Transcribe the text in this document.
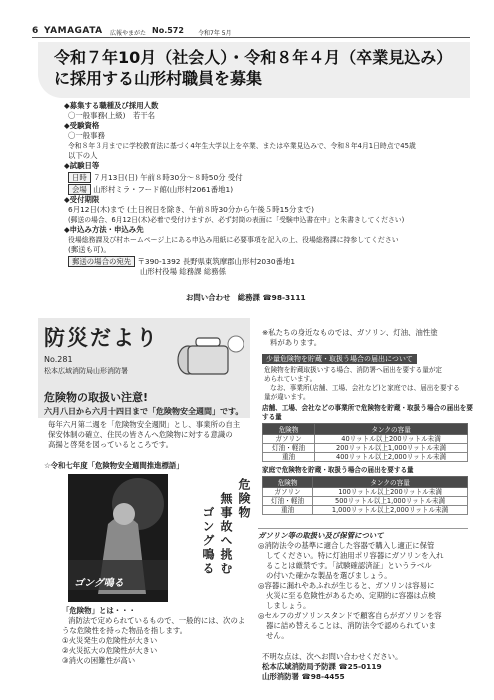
6 YAMAGATA 広報やまがた No.572 令和7年 5月
令和７年10月（社会人）・令和８年４月（卒業見込み）
に採用する山形村職員を募集
◆募集する職種及び採用人数
〇一般事務(上級)　若干名
◆受験資格
〇一般事務
令和８年３月までに学校教育法に基づく4年生大学以上を卒業、または卒業見込みで、令和８年4月1日時点で45歳
以下の人
◆試験日等
日時 ７月13日(日) 午前８時30分～８時50分 受付
会場 山形村ミラ・フード館(山形村2061番地1)
◆受付期限
6月12日(木)まで (土日祝日を除き、午前８時30分から午後５時15分まで)
(郵送の場合、6月12日(木)必着で受付けますが、必ず封筒の表面に「受験申込書在中」と朱書きしてください)
◆申込み方法・申込み先
役場総務課及び村ホームページ上にある申込み用紙に必要事項を記入の上、役場総務課に持参してください
(郵送も可)。
郵送の場合の宛先 〒390-1392 長野県東筑摩郡山形村2030番地1
山形村役場 総務課 総務係
お問い合わせ　総務課 ☎98-3111
防災だより
No.281
松本広域消防局山形消防署
危険物の取扱い注意!
六月八日から六月十四日まで「危険物安全週間」です。
毎年六月第二週を「危険物安全週間」とし、事業所の自主
保安体制の確立、住民の皆さんへ危険物に対する意識の
高揚と啓発を図っているところです。
☆令和七年度「危険物安全週間推進標語」
ゴング鳴る
危険物
無事故へ挑む
ゴング鳴る
「危険物」とは・・・
消防法で定められているもので、一般的には、次のよ
うな危険性を持った物品を指します。
①火災発生の危険性が大きい
②火災拡大の危険性が大きい
③消火の困難性が高い
※私たちの身近なものでは、ガソリン、灯油、油性塗
料があります。
少量危険物を貯蔵・取扱う場合の届出について
危険物を貯蔵取扱いする場合、消防署へ届出を要する量が定
められています。
なお、事業所(店舗、工場、会社など)と家庭では、届出を要する
量が違います。
店舗、工場、会社などの事業所で危険物を貯蔵・取扱う場合の届出を要する量
危険物	タンクの容量
ガソリン	40リットル以上200リットル未満
灯油・軽油	200リットル以上1,000リットル未満
重油	400リットル以上2,000リットル未満
家庭で危険物を貯蔵・取扱う場合の届出を要する量
危険物	タンクの容量
ガソリン	100リットル以上200リットル未満
灯油・軽油	500リットル以上1,000リットル未満
重油	1,000リットル以上2,000リットル未満
ガソリン等の取扱い及び保管について
◎消防法令の基準に適合した容器で購入し適正に保管
してください。特に灯油用ポリ容器にガソリンを入れ
ることは厳禁です。「試験確認済証」というラベル
の付いた確かな製品を選びましょう。
◎容器に漏れやあふれが生じると、ガソリンは容易に
火災に至る危険性があるため、定期的に容器は点検
しましょう。
◎セルフのガソリンスタンドで顧客自らがガソリンを容
器に詰め替えることは、消防法令で認められていま
せん。
不明な点は、次へお問い合わせください。
松本広域消防局予防課 ☎25-0119
山形消防署 ☎98-4455
